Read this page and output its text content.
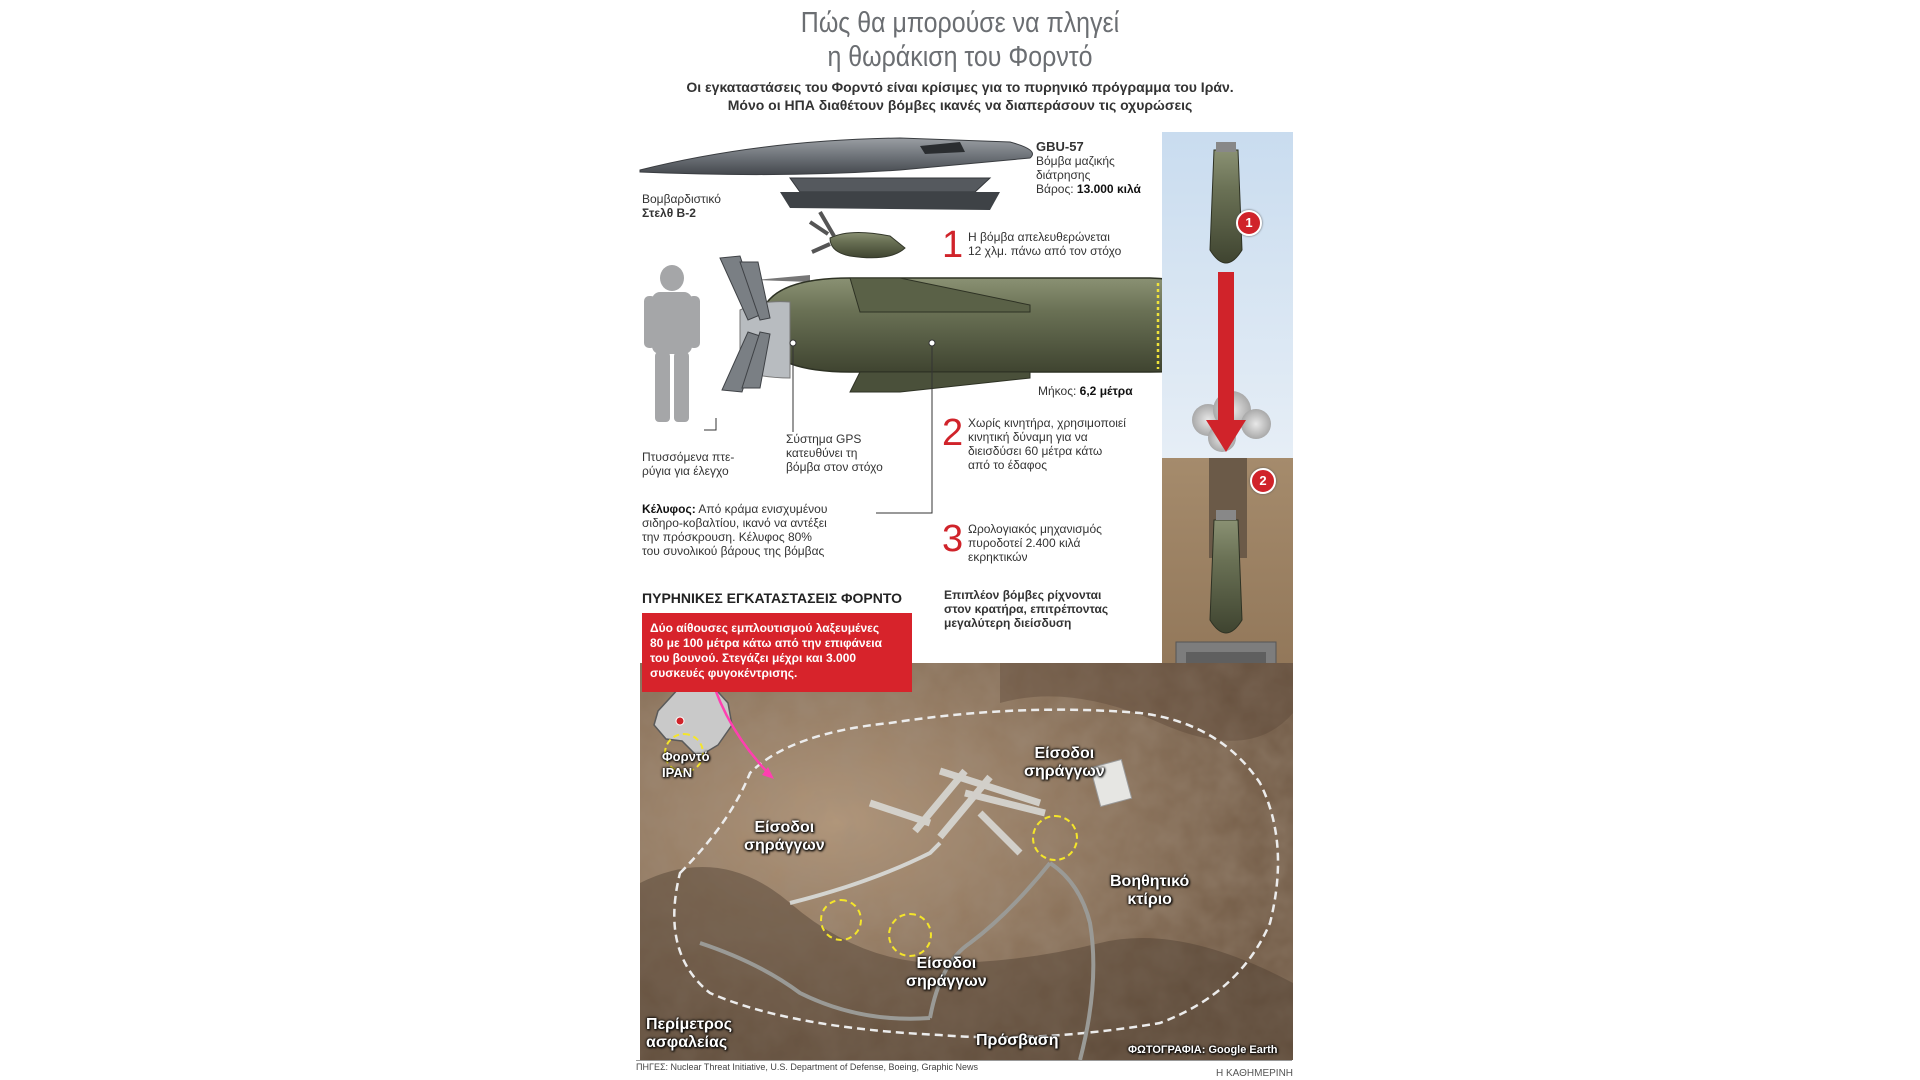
Πώς θα μπορούσε να πληγεί
η θωράκιση του Φορντό
Οι εγκαταστάσεις του Φορντό είναι κρίσιμες για το πυρηνικό πρόγραμμα του Ιράν.
Μόνο οι ΗΠΑ διαθέτουν βόμβες ικανές να διαπεράσουν τις οχυρώσεις
1
2
Βομβαρδιστικό
Στελθ B-2
GBU-57
Βόμβα μαζικής
διάτρησης
Βάρος: 13.000 κιλά
1 Η βόμβα απελευθερώνεται
12 χλμ. πάνω από τον στόχο
Μήκος: 6,2 μέτρα
Πτυσσόμενα πτε-
ρύγια για έλεγχο
Σύστημα GPS
κατευθύνει τη
βόμβα στον στόχο
2 Χωρίς κινητήρα, χρησιμοποιεί
κινητική δύναμη για να
διεισδύσει 60 μέτρα κάτω
από το έδαφος
Κέλυφος: Από κράμα ενισχυμένου
σιδηρο-κοβαλτίου, ικανό να αντέξει
την πρόσκρουση. Κέλυφος 80%
του συνολικού βάρους της βόμβας	3 Ωρολογιακός μηχανισμός
πυροδοτεί 2.400 κιλά
εκρηκτικών
ΠΥΡΗΝΙΚΕΣ ΕΓΚΑΤΑΣΤΑΣΕΙΣ ΦΟΡΝΤΟ	Επιπλέον βόμβες ρίχνονται
στον κρατήρα, επιτρέποντας
μεγαλύτερη διείσδυση
Φορντό
ΙΡΑΝ
Είσοδοι
σηράγγων
Είσοδοι
σηράγγων
Είσοδοι
σηράγγων
Βοηθητικό
κτίριο
Περίμετρος
ασφαλείας	Πρόσβαση
ΦΩΤΟΓΡΑΦΙΑ: Google Earth
Δύο αίθουσες εμπλουτισμού λαξευμένες
80 με 100 μέτρα κάτω από την επιφάνεια
του βουνού. Στεγάζει μέχρι και 3.000
συσκευές φυγοκέντρισης.
ΠΗΓΕΣ: Nuclear Threat Initiative, U.S. Department of Defense, Boeing, Graphic News
Η ΚΑΘΗΜΕΡΙΝΗ
